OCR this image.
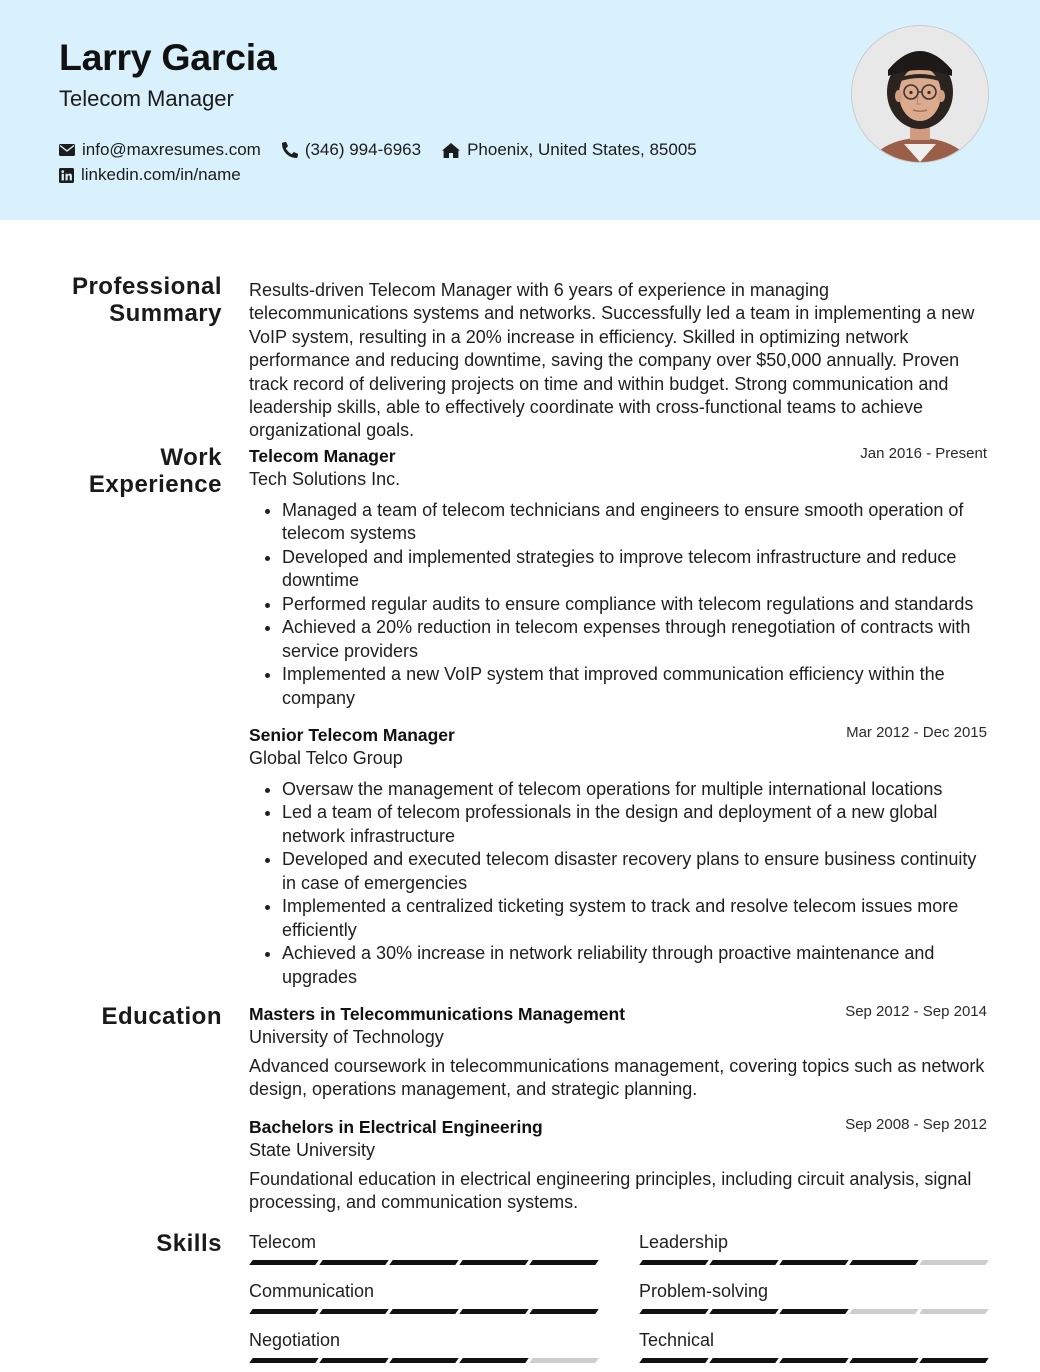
Larry Garcia
Telecom Manager
info@maxresumes.com	(346) 994-6963	Phoenix, United States, 85005
linkedin.com/in/name
Professional Summary

Results-driven Telecom Manager with 6 years of experience in managing telecommunications systems and networks. Successfully led a team in implementing a new VoIP system, resulting in a 20% increase in efficiency. Skilled in optimizing network performance and reducing downtime, saving the company over $50,000 annually. Proven track record of delivering projects on time and within budget. Strong communication and leadership skills, able to effectively coordinate with cross-functional teams to achieve organizational goals.

Work Experience
Telecom Manager	Jan 2016 - Present
Tech Solutions Inc.
• Managed a team of telecom technicians and engineers to ensure smooth operation of telecom systems
• Developed and implemented strategies to improve telecom infrastructure and reduce downtime
• Performed regular audits to ensure compliance with telecom regulations and standards
• Achieved a 20% reduction in telecom expenses through renegotiation of contracts with service providers
• Implemented a new VoIP system that improved communication efficiency within the company
Senior Telecom Manager	Mar 2012 - Dec 2015
Global Telco Group
• Oversaw the management of telecom operations for multiple international locations
• Led a team of telecom professionals in the design and deployment of a new global network infrastructure
• Developed and executed telecom disaster recovery plans to ensure business continuity in case of emergencies
• Implemented a centralized ticketing system to track and resolve telecom issues more efficiently
• Achieved a 30% increase in network reliability through proactive maintenance and upgrades
Education Masters in Telecommunications Management	Sep 2012 - Sep 2014
University of Technology
Advanced coursework in telecommunications management, covering topics such as network design, operations management, and strategic planning.
Bachelors in Electrical Engineering	Sep 2008 - Sep 2012
State University
Foundational education in electrical engineering principles, including circuit analysis, signal processing, and communication systems.
Skills Telecom	Leadership
Communication	Problem-solving
Negotiation	Technical
